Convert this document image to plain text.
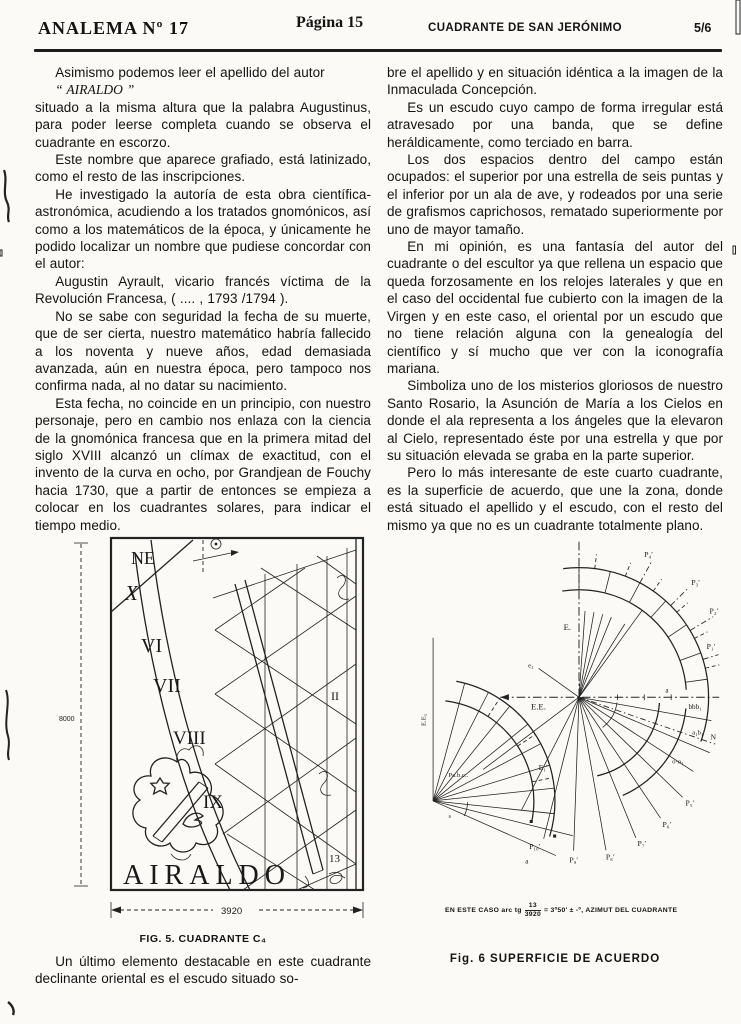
ANALEMA Nº 17	Página 15	CUADRANTE DE SAN JERÓNIMO	5/6

Asimismo podemos leer el apellido del autor

“ AIRALDO ”

situado a la misma altura que la palabra Augustinus, para poder leerse completa cuando se observa el cuadrante en escorzo.

Este nombre que aparece grafiado, está latinizado, como el resto de las inscripciones.

He investigado la autoría de esta obra científica-astronómica, acudiendo a los tratados gnomónicos, así como a los matemáticos de la época, y únicamente he podido localizar un nombre que pudiese concordar con el autor:

Augustin Ayrault, vicario francés víctima de la Revolución Francesa, ( .... , 1793 /1794 ).

No se sabe con seguridad la fecha de su muerte, que de ser cierta, nuestro matemático habría fallecido a los noventa y nueve años, edad demasiada avanzada, aún en nuestra época, pero tampoco nos confirma nada, al no datar su nacimiento.

Esta fecha, no coincide en un principio, con nuestro personaje, pero en cambio nos enlaza con la ciencia de la gnomónica francesa que en la primera mitad del siglo XVIII alcanzó un clímax de exactitud, con el invento de la curva en ocho, por Grandjean de Fouchy hacia 1730, que a partir de entonces se empieza a colocar en los cuadrantes solares, para indicar el tiempo medio.

8000
NE
X
VI
VII
VIII
IX
II
13
AIRALDO
3920
FIG. 5. CUADRANTE C₄

Un último elemento destacable en este cuadrante declinante oriental es el escudo situado so-

bre el apellido y en situación idéntica a la imagen de la Inmaculada Concepción.

Es un escudo cuyo campo de forma irregular está atravesado por una banda, que se define heráldicamente, como terciado en barra.

Los dos espacios dentro del campo están ocupados: el superior por una estrella de seis puntas y el inferior por un ala de ave, y rodeados por una serie de grafismos caprichosos, rematado superiormente por uno de mayor tamaño.

En mi opinión, es una fantasía del autor del cuadrante o del escultor ya que rellena un espacio que queda forzosamente en los relojes laterales y que en el caso del occidental fue cubierto con la imagen de la Virgen y en este caso, el oriental por un escudo que no tiene relación alguna con la genealogía del científico y sí mucho que ver con la iconografía mariana.

Simboliza uno de los misterios gloriosos de nuestro Santo Rosario, la Asunción de María a los Cielos en donde el ala representa a los ángeles que la elevaron al Cielo, representado éste por una estrella y que por su situación elevada se graba en la parte superior.

Pero lo más interesante de este cuarto cuadrante, es la superficie de acuerdo, que une la zona, donde está situado el apellido y el escudo, con el resto del mismo ya que no es un cuadrante totalmente plano.

E.E₁
s
a
E.
E.E.
e₂
P₄′
P₃′
P₂′
P₁′
a
bbb₁
N
a₁b₁
o·o₁
P₅′
P₆′
P₇′
P₈′
P₉′
P₁₀′
E₁′
Pa.b.c..
EN ESTE CASO arc tg $\frac{13}{3920}$ = 3º50′ ± -º, AZIMUT DEL CUADRANTE
Fig. 6 SUPERFICIE DE ACUERDO
